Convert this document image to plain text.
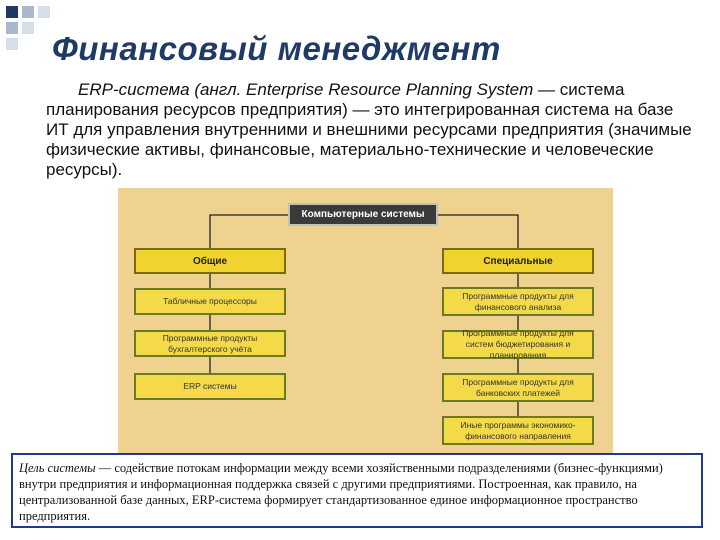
Финансовый менеджмент
ERP-система (англ. Enterprise Resource Planning System — система планирования ресурсов предприятия) — это интегрированная система на базе ИТ для управления внутренними и внешними ресурсами предприятия (значимые физические активы, финансовые, материально-технические и человеческие ресурсы).
Компьютерные системы
Общие	Специальные
Табличные процессоры
Программные продукты бухгалтерского учёта
ERP системы
Программные продукты для финансового анализа
Программные продукты для систем бюджетирования и планирования
Программные продукты для банковских платежей
Иные программы экономико-финансового направления
Цель системы — содействие потокам информации между всеми хозяйственными подразделениями (бизнес-функциями) внутри предприятия и информационная поддержка связей с другими предприятиями. Построенная, как правило, на централизованной базе данных, ERP-система формирует стандартизованное единое информационное пространство предприятия.
